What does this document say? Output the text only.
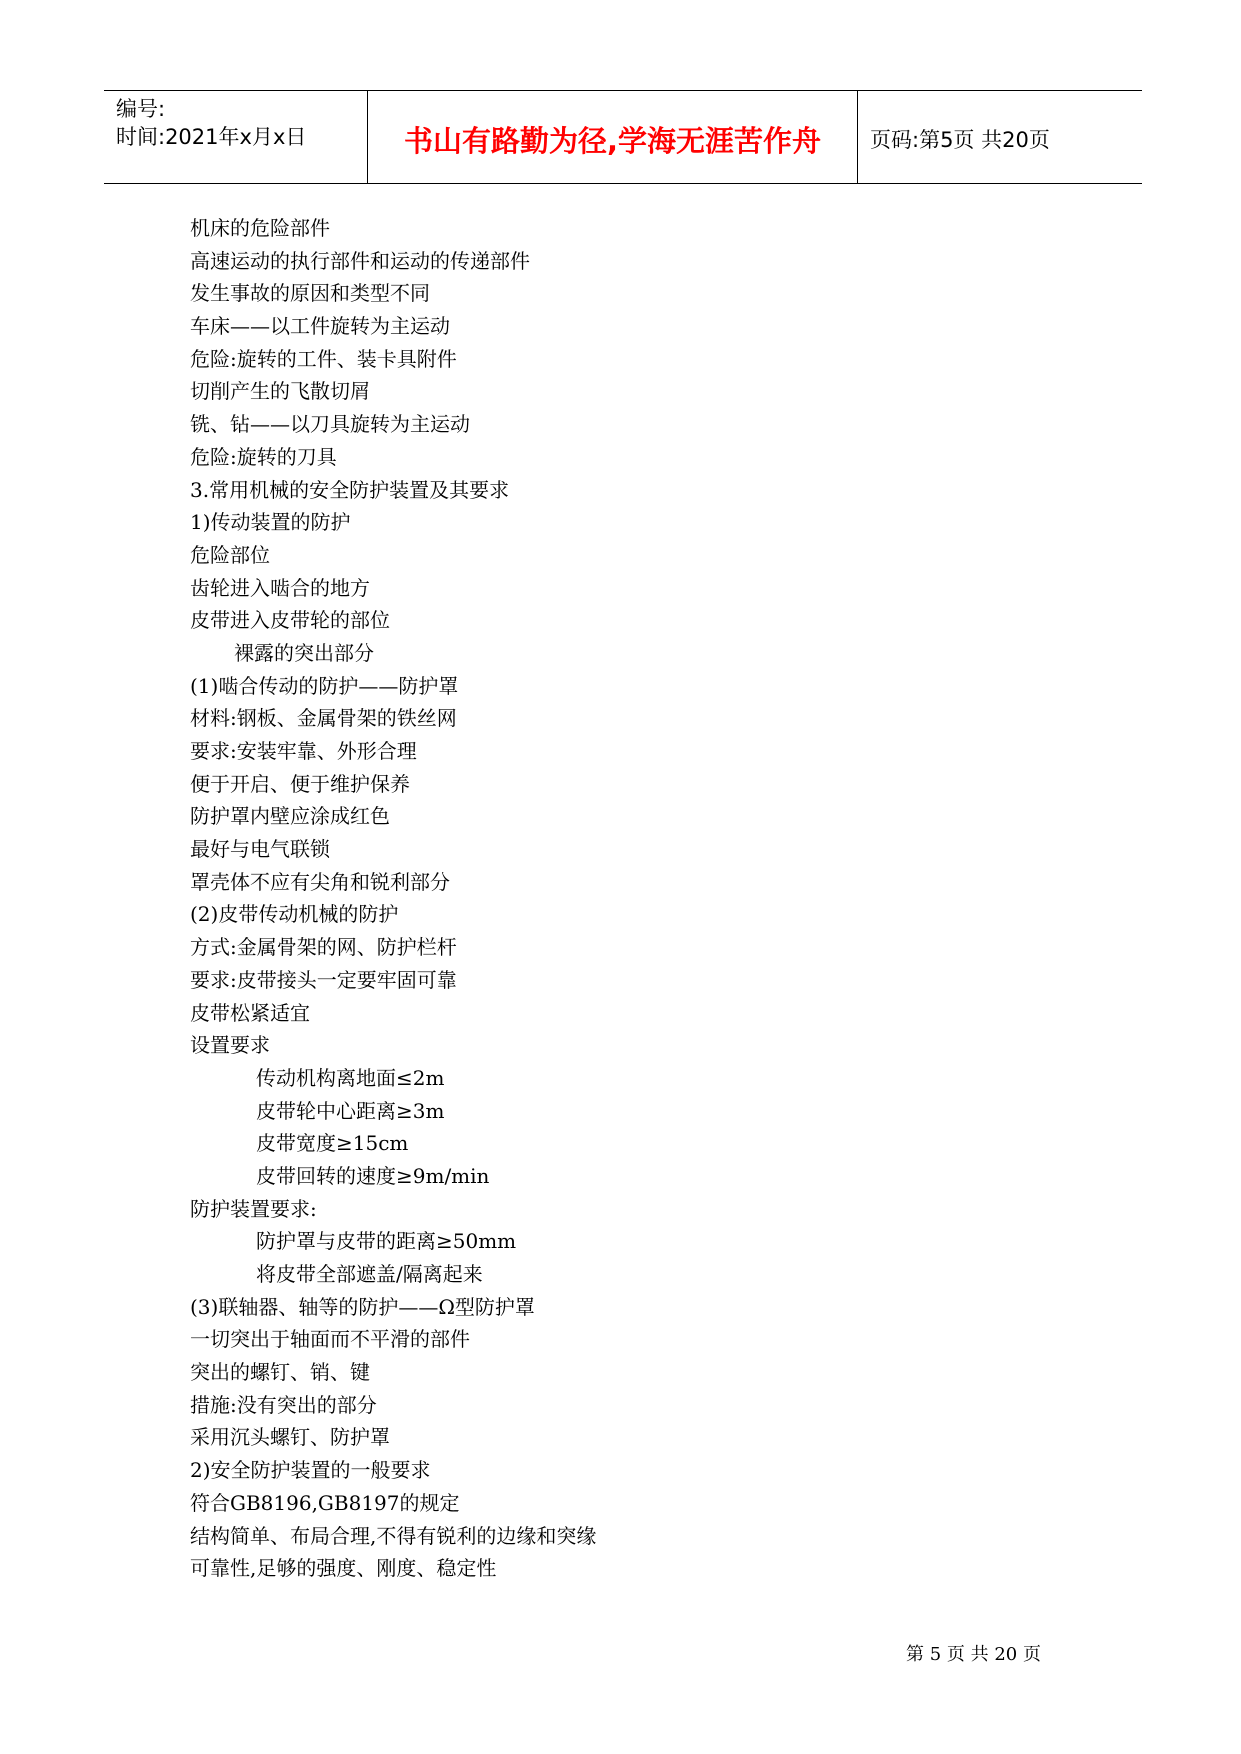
编号:
时间:2021年x月x日	书山有路勤为径,学海无涯苦作舟 页码:第5页 共20页
机床的危险部件
高速运动的执行部件和运动的传递部件
发生事故的原因和类型不同
车床——以工件旋转为主运动
危险:旋转的工件、装卡具附件
切削产生的飞散切屑
铣、钻——以刀具旋转为主运动
危险:旋转的刀具
3.常用机械的安全防护装置及其要求
1)传动装置的防护
危险部位
齿轮进入啮合的地方
皮带进入皮带轮的部位
裸露的突出部分
(1)啮合传动的防护——防护罩
材料:钢板、金属骨架的铁丝网
要求:安装牢靠、外形合理
便于开启、便于维护保养
防护罩内壁应涂成红色
最好与电气联锁
罩壳体不应有尖角和锐利部分
(2)皮带传动机械的防护
方式:金属骨架的网、防护栏杆
要求:皮带接头一定要牢固可靠
皮带松紧适宜
设置要求
传动机构离地面≤2m
皮带轮中心距离≥3m
皮带宽度≥15cm
皮带回转的速度≥9m/min
防护装置要求:
防护罩与皮带的距离≥50mm
将皮带全部遮盖/隔离起来
(3)联轴器、轴等的防护——Ω型防护罩
一切突出于轴面而不平滑的部件
突出的螺钉、销、键
措施:没有突出的部分
采用沉头螺钉、防护罩
2)安全防护装置的一般要求
符合GB8196,GB8197的规定
结构简单、布局合理,不得有锐利的边缘和突缘
可靠性,足够的强度、刚度、稳定性
第 5 页 共 20 页
